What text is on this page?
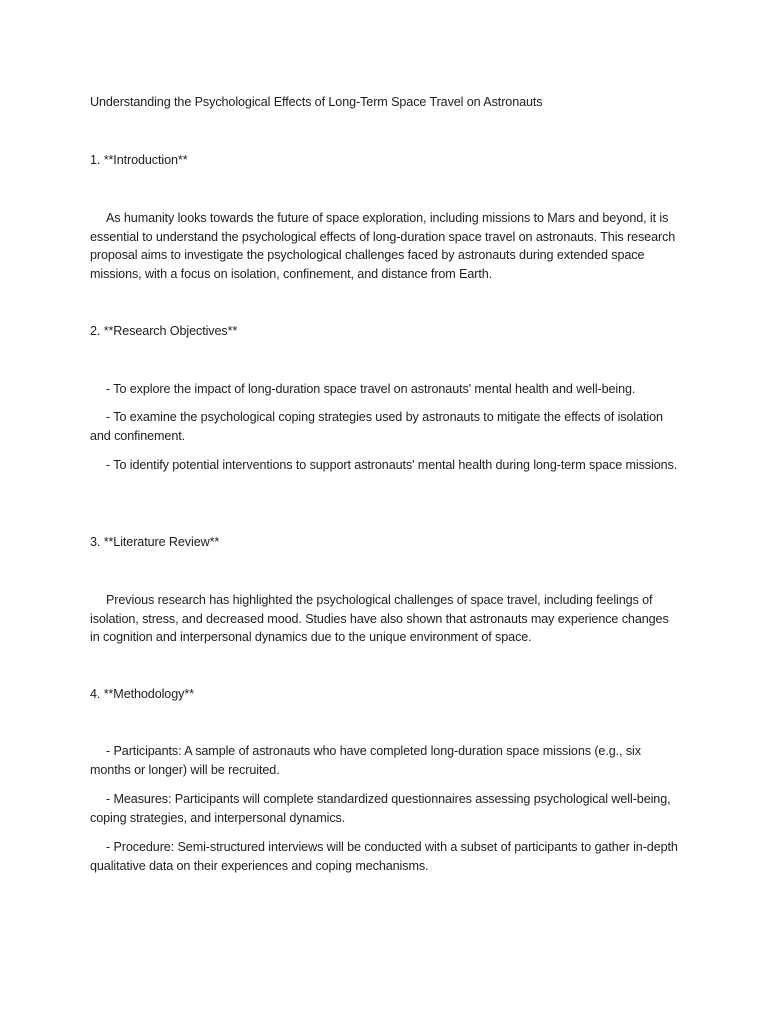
Understanding the Psychological Effects of Long-Term Space Travel on Astronauts

1. **Introduction**

As humanity looks towards the future of space exploration, including missions to Mars and beyond, it is essential to understand the psychological effects of long-duration space travel on astronauts. This research proposal aims to investigate the psychological challenges faced by astronauts during extended space missions, with a focus on isolation, confinement, and distance from Earth.

2. **Research Objectives**

- To explore the impact of long-duration space travel on astronauts' mental health and well-being.

- To examine the psychological coping strategies used by astronauts to mitigate the effects of isolation and confinement.

- To identify potential interventions to support astronauts' mental health during long-term space missions.

3. **Literature Review**

Previous research has highlighted the psychological challenges of space travel, including feelings of isolation, stress, and decreased mood. Studies have also shown that astronauts may experience changes in cognition and interpersonal dynamics due to the unique environment of space.

4. **Methodology**

- Participants: A sample of astronauts who have completed long-duration space missions (e.g., six months or longer) will be recruited.

- Measures: Participants will complete standardized questionnaires assessing psychological well-being, coping strategies, and interpersonal dynamics.

- Procedure: Semi-structured interviews will be conducted with a subset of participants to gather in-depth qualitative data on their experiences and coping mechanisms.
